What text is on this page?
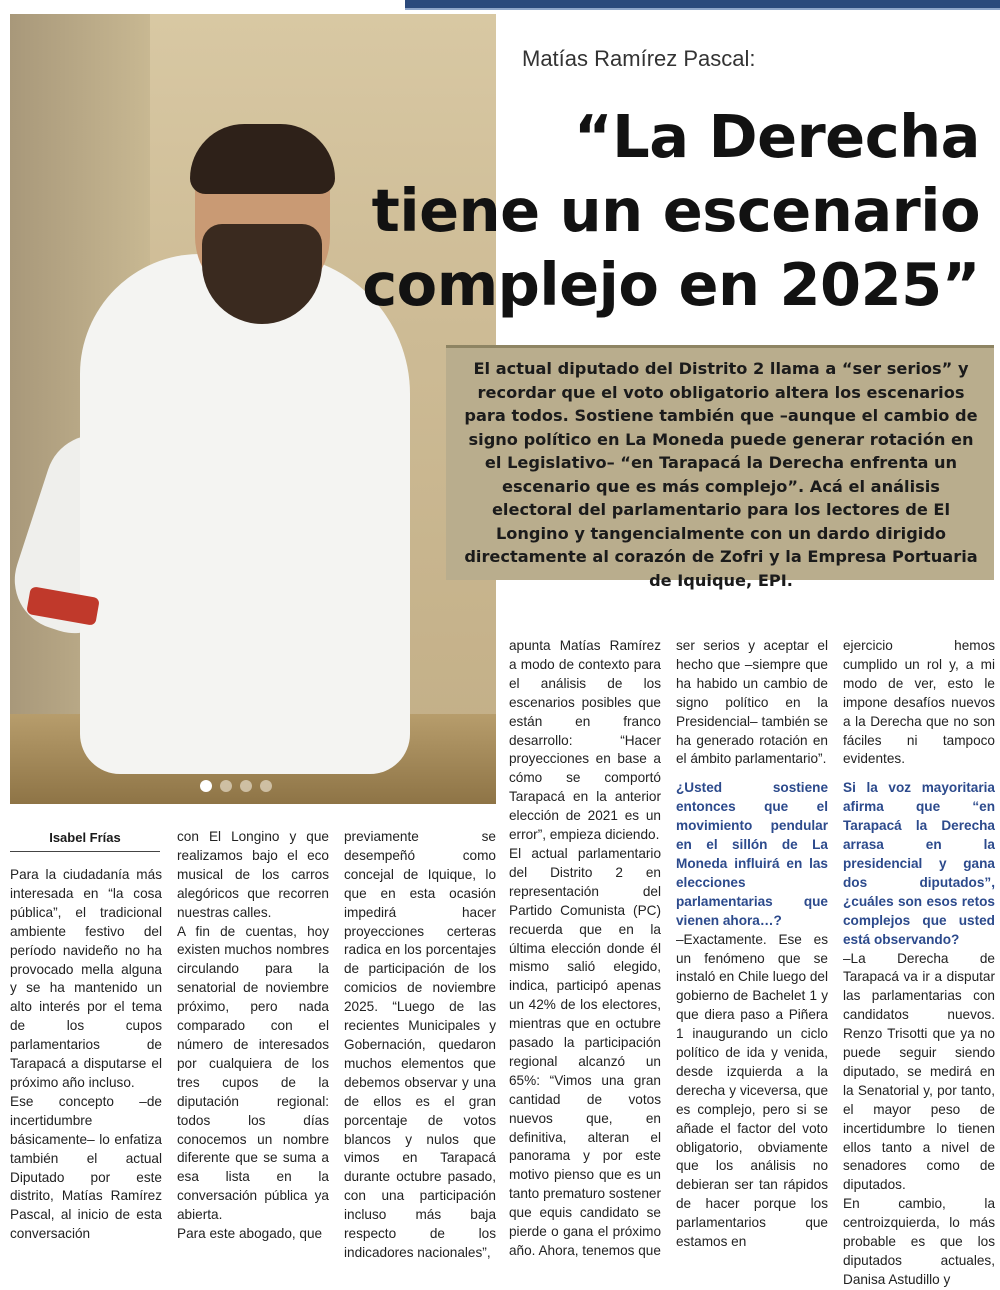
Matías Ramírez Pascal:
“La Derecha
tiene un escenario
complejo en 2025”
El actual diputado del Distrito 2 llama a “ser serios” y recordar que el voto obligatorio altera los escenarios para todos. Sostiene también que –aunque el cambio de signo político en La Moneda puede generar rotación en el Legislativo– “en Tarapacá la Derecha enfrenta un escenario que es más complejo”. Acá el análisis electoral del parlamentario para los lectores de El Longino y tangencialmente con un dardo dirigido directamente al corazón de Zofri y la Empresa Portuaria de Iquique, EPI.
Isabel Frías

Para la ciudadanía más interesada en “la cosa pública”, el tradicional ambiente festivo del período navideño no ha provocado mella alguna y se ha mantenido un alto interés por el tema de los cupos parlamentarios de Tarapacá a disputarse el próximo año incluso.

Ese concepto –de incertidumbre básicamente– lo enfatiza también el actual Diputado por este distrito, Matías Ramírez Pascal, al inicio de esta conversación

con El Longino y que realizamos bajo el eco musical de los carros alegóricos que recorren nuestras calles.

A fin de cuentas, hoy existen muchos nombres circulando para la senatorial de noviembre próximo, pero nada comparado con el número de interesados por cualquiera de los tres cupos de la diputación regional: todos los días conocemos un nombre diferente que se suma a esa lista en la conversación pública ya abierta.

Para este abogado, que

previamente se desempeñó como concejal de Iquique, lo que en esta ocasión impedirá hacer proyecciones certeras radica en los porcentajes de participación de los comicios de noviembre 2025. “Luego de las recientes Municipales y Gobernación, quedaron muchos elementos que debemos observar y una de ellos es el gran porcentaje de votos blancos y nulos que vimos en Tarapacá durante octubre pasado, con una participación incluso más baja respecto de los indicadores nacionales”,

apunta Matías Ramírez a modo de contexto para el análisis de los escenarios posibles que están en franco desarrollo: “Hacer proyecciones en base a cómo se comportó Tarapacá en la anterior elección de 2021 es un error”, empieza diciendo.

El actual parlamentario del Distrito 2 en representación del Partido Comunista (PC) recuerda que en la última elección donde él mismo salió elegido, indica, participó apenas un 42% de los electores, mientras que en octubre pasado la participación regional alcanzó un 65%: “Vimos una gran cantidad de votos nuevos que, en definitiva, alteran el panorama y por este motivo pienso que es un tanto prematuro sostener que equis candidato se pierde o gana el próximo año. Ahora, tenemos que

ser serios y aceptar el hecho que –siempre que ha habido un cambio de signo político en la Presidencial– también se ha generado rotación en el ámbito parlamentario”.

¿Usted sostiene entonces que el movimiento pendular en el sillón de La Moneda influirá en las elecciones parlamentarias que vienen ahora…?

–Exactamente. Ese es un fenómeno que se instaló en Chile luego del gobierno de Bachelet 1 y que diera paso a Piñera 1 inaugurando un ciclo político de ida y venida, desde izquierda a la derecha y viceversa, que es complejo, pero si se añade el factor del voto obligatorio, obviamente que los análisis no debieran ser tan rápidos de hacer porque los parlamentarios que estamos en

ejercicio hemos cumplido un rol y, a mi modo de ver, esto le impone desafíos nuevos a la Derecha que no son fáciles ni tampoco evidentes.

Si la voz mayoritaria afirma que “en Tarapacá la Derecha arrasa en la presidencial y gana dos diputados”, ¿cuáles son esos retos complejos que usted está observando?

–La Derecha de Tarapacá va ir a disputar las parlamentarias con candidatos nuevos. Renzo Trisotti que ya no puede seguir siendo diputado, se medirá en la Senatorial y, por tanto, el mayor peso de incertidumbre lo tienen ellos tanto a nivel de senadores como de diputados.

En cambio, la centroizquierda, lo más probable es que los diputados actuales, Danisa Astudillo y
